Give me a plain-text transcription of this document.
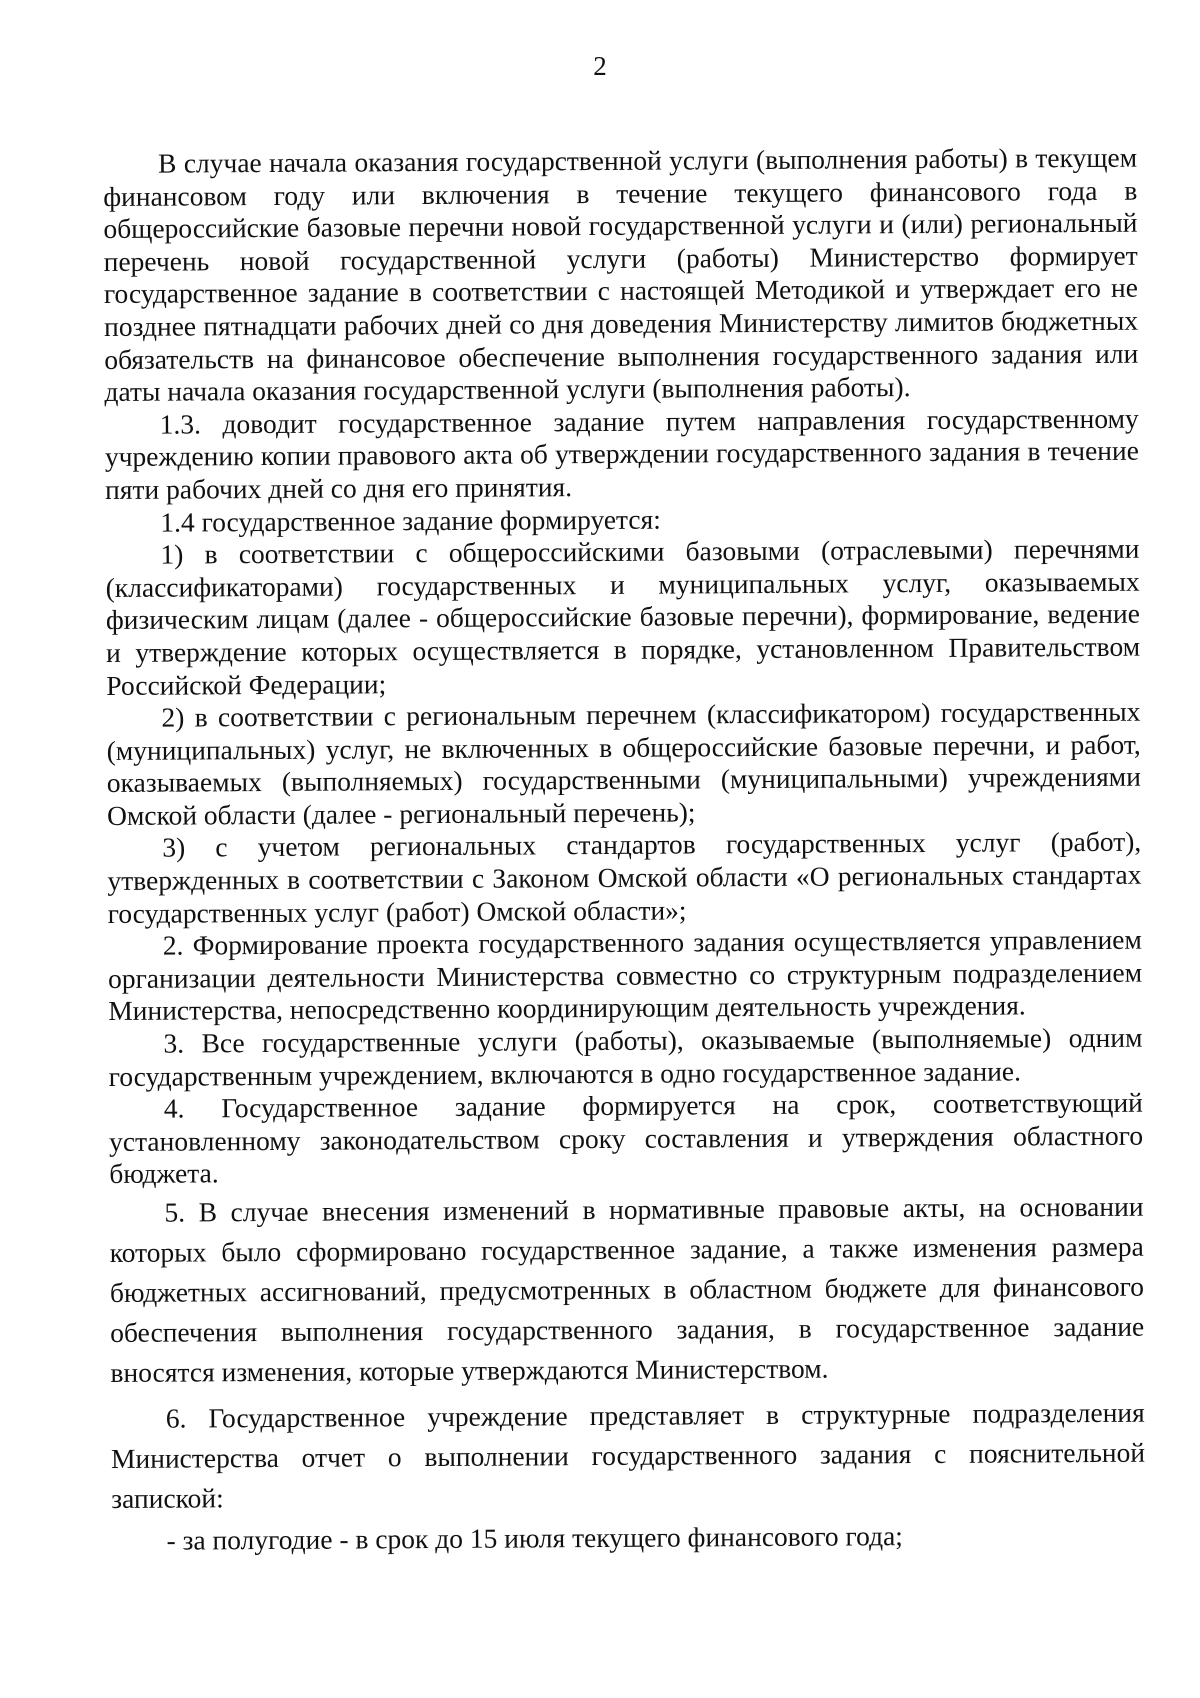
2

В случае начала оказания государственной услуги (выполнения работы) в текущем финансовом году или включения в течение текущего финансового года в общероссийские базовые перечни новой государственной услуги и (или) региональный перечень новой государственной услуги (работы) Министерство формирует государственное задание в соответствии с настоящей Методикой и утверждает его не позднее пятнадцати рабочих дней со дня доведения Министерству лимитов бюджетных обязательств на финансовое обеспечение выполнения государственного задания или даты начала оказания государственной услуги (выполнения работы).

1.3. доводит государственное задание путем направления государственному учреждению копии правового акта об утверждении государственного задания в течение пяти рабочих дней со дня его принятия.

1.4 государственное задание формируется:

1) в соответствии с общероссийскими базовыми (отраслевыми) перечнями (классификаторами) государственных и муниципальных услуг, оказываемых физическим лицам (далее - общероссийские базовые перечни), формирование, ведение и утверждение которых осуществляется в порядке, установленном Правительством Российской Федерации;

2) в соответствии с региональным перечнем (классификатором) государственных (муниципальных) услуг, не включенных в общероссийские базовые перечни, и работ, оказываемых (выполняемых) государственными (муниципальными) учреждениями Омской области (далее - региональный перечень);

3) с учетом региональных стандартов государственных услуг (работ), утвержденных в соответствии с Законом Омской области «О региональных стандартах государственных услуг (работ) Омской области»;

2. Формирование проекта государственного задания осуществляется управлением организации деятельности Министерства совместно со структурным подразделением Министерства, непосредственно координирующим деятельность учреждения.

3. Все государственные услуги (работы), оказываемые (выполняемые) одним государственным учреждением, включаются в одно государственное задание.

4. Государственное задание формируется на срок, соответствующий установленному законодательством сроку составления и утверждения областного бюджета.

5. В случае внесения изменений в нормативные правовые акты, на основании которых было сформировано государственное задание, а также изменения размера бюджетных ассигнований, предусмотренных в областном бюджете для финансового обеспечения выполнения государственного задания, в государственное задание вносятся изменения, которые утверждаются Министерством.

6. Государственное учреждение представляет в структурные подразделения Министерства отчет о выполнении государственного задания с пояснительной запиской:

- за полугодие - в срок до 15 июля текущего финансового года;
